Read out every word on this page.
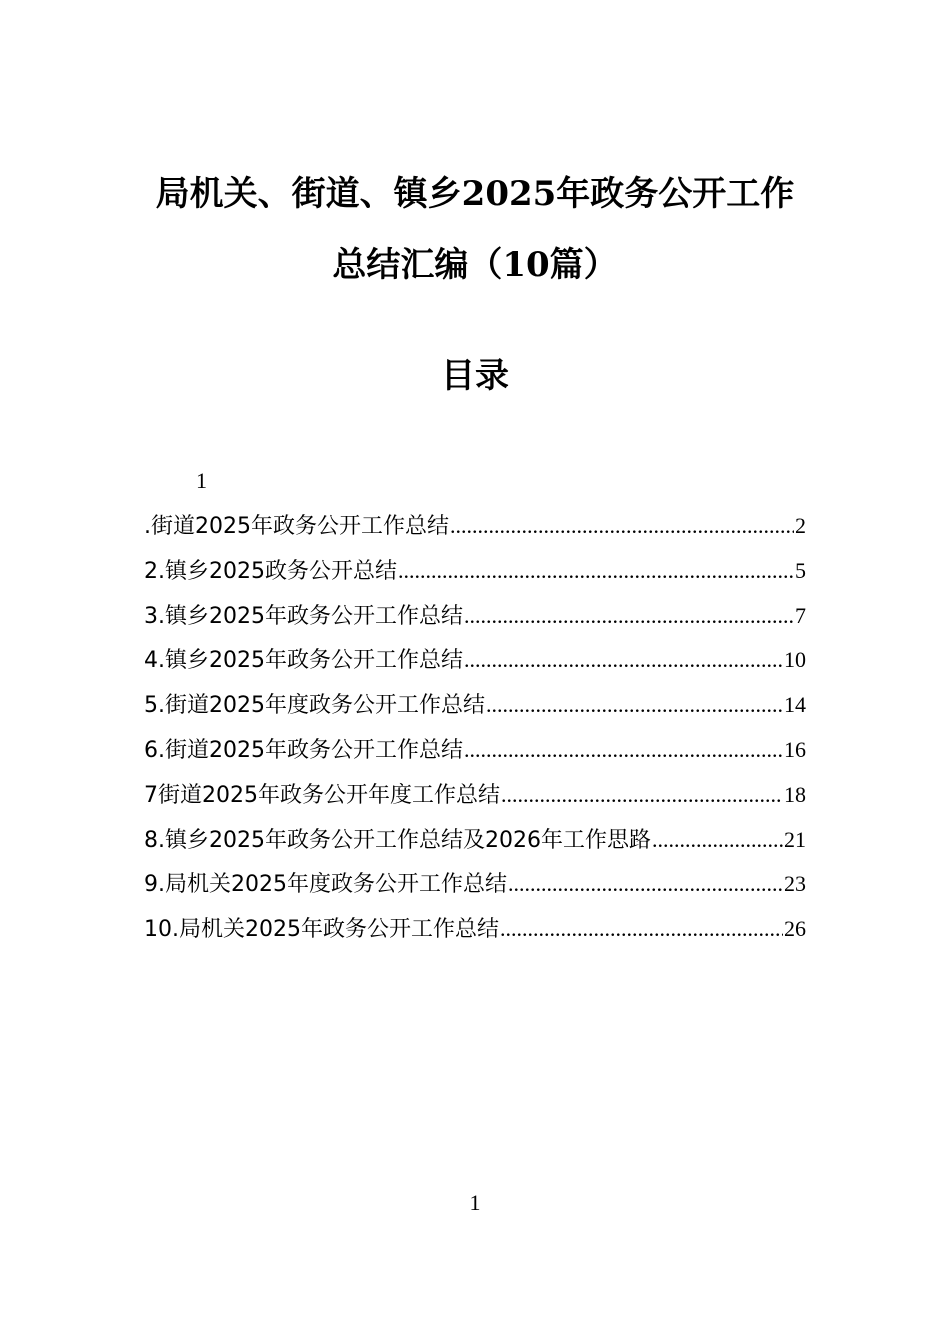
局机关、街道、镇乡2025年政务公开工作
总结汇编（10篇）
目录
1
.街道2025年政务公开工作总结 .....	2
2.镇乡2025政务公开总结 .....	5
3.镇乡2025年政务公开工作总结 .....	7
4.镇乡2025年政务公开工作总结 .....	10
5.街道2025年度政务公开工作总结 .....	14
6.街道2025年政务公开工作总结 .....	16
7街道2025年政务公开年度工作总结 .....	18
8.镇乡2025年政务公开工作总结及2026年工作思路 .....	21
9.局机关2025年度政务公开工作总结 .....	23
10.局机关2025年政务公开工作总结 .....	26
1
